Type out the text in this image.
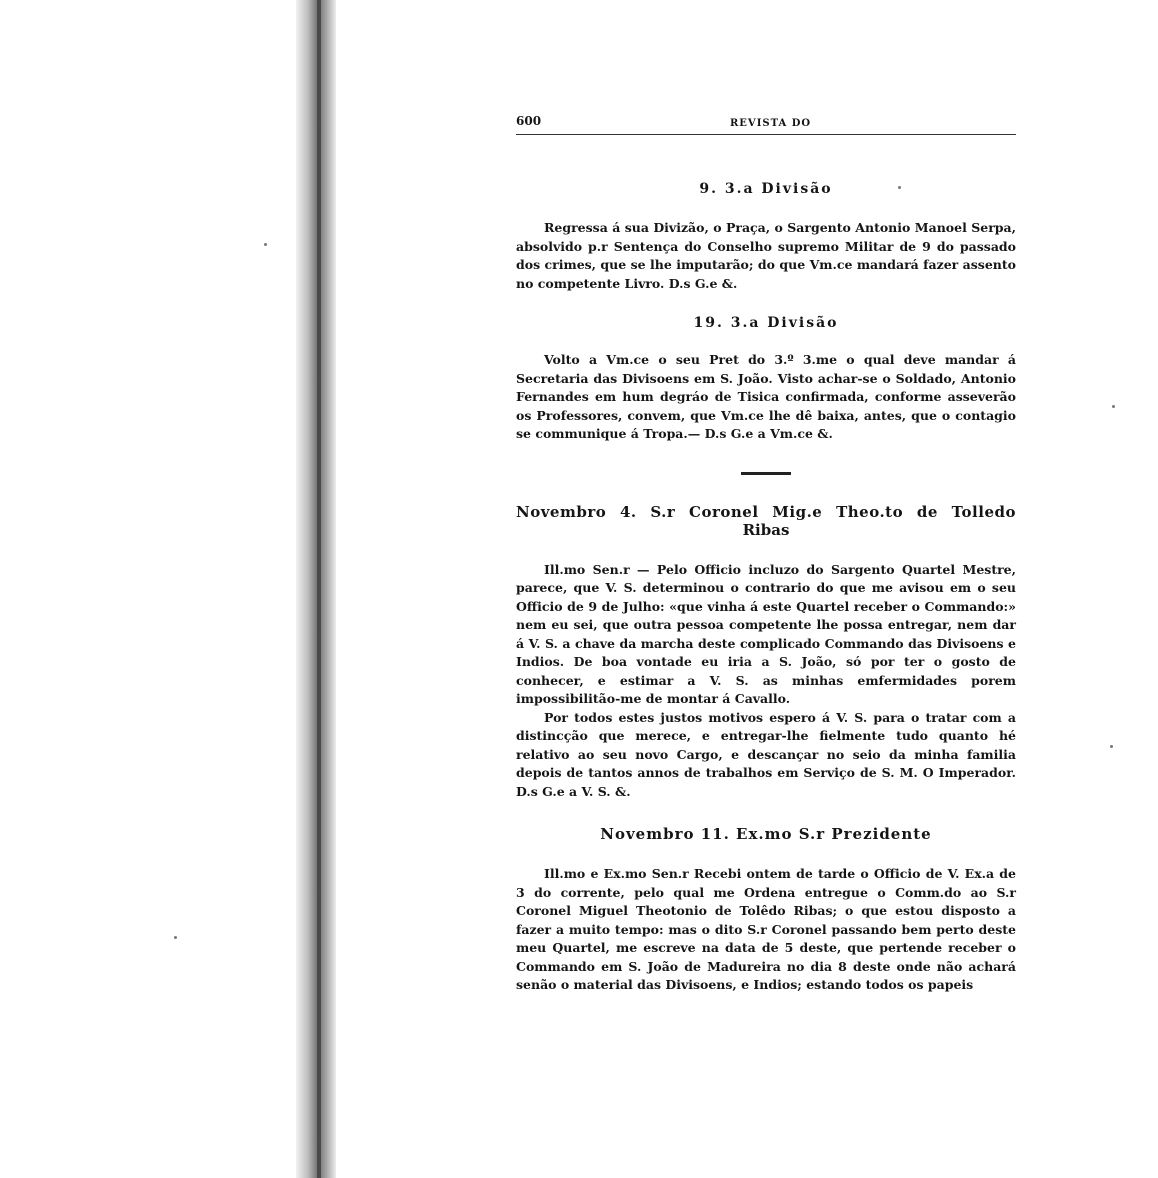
600	REVISTA DO

9. 3.a Divisão

Regressa á sua Divizão, o Praça, o Sargento Antonio Manoel Serpa, absolvido p.r Sentença do Conselho supremo Militar de 9 do passado dos crimes, que se lhe imputarão; do que Vm.ce mandará fazer assento no competente Livro. D.s G.e &.

19. 3.a Divisão

Volto a Vm.ce o seu Pret do 3.º 3.me o qual deve mandar á Secretaria das Divisoens em S. João. Visto achar-se o Soldado, Antonio Fernandes em hum degráo de Tisica confirmada, conforme asseverão os Professores, convem, que Vm.ce lhe dê baixa, antes, que o contagio se communique á Tropa.— D.s G.e a Vm.ce &.

Novembro 4. S.r Coronel Mig.e Theo.to de Tolledo

Ribas

Ill.mo Sen.r — Pelo Officio incluzo do Sargento Quartel Mestre, parece, que V. S. determinou o contrario do que me avisou em o seu Officio de 9 de Julho: «que vinha á este Quartel receber o Commando:» nem eu sei, que outra pessoa competente lhe possa entregar, nem dar á V. S. a chave da marcha deste complicado Commando das Divisoens e Indios. De boa vontade eu iria a S. João, só por ter o gosto de conhecer, e estimar a V. S. as minhas emfermidades porem impossibilitão-me de montar á Cavallo.

Por todos estes justos motivos espero á V. S. para o tratar com a distincção que merece, e entregar-lhe fielmente tudo quanto hé relativo ao seu novo Cargo, e descançar no seio da minha familia depois de tantos annos de trabalhos em Serviço de S. M. O Imperador. D.s G.e a V. S. &.

Novembro 11. Ex.mo S.r Prezidente

Ill.mo e Ex.mo Sen.r Recebi ontem de tarde o Officio de V. Ex.a de 3 do corrente, pelo qual me Ordena entregue o Comm.do ao S.r Coronel Miguel Theotonio de Tolêdo Ribas; o que estou disposto a fazer a muito tempo: mas o dito S.r Coronel passando bem perto deste meu Quartel, me escreve na data de 5 deste, que pertende receber o Commando em S. João de Madureira no dia 8 deste onde não achará senão o material das Divisoens, e Indios; estando todos os papeis
